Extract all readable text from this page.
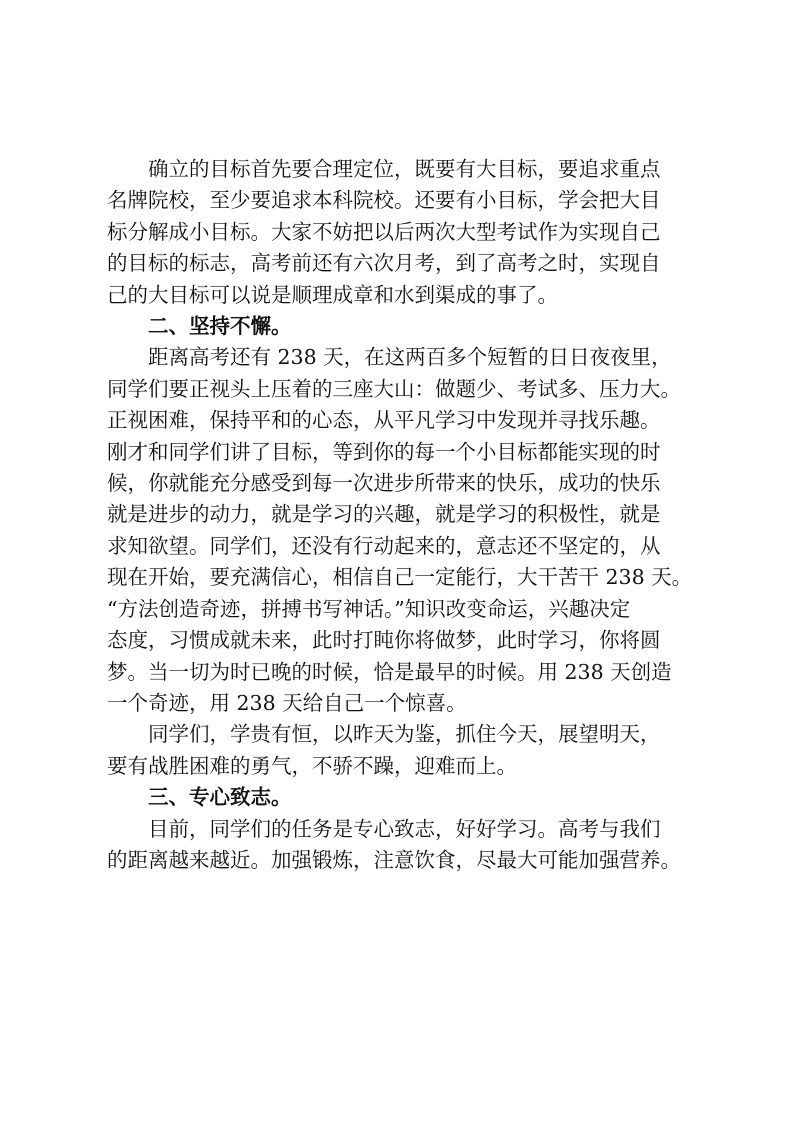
确立的目标首先要合理定位，既要有大目标，要追求重点
名牌院校，至少要追求本科院校。还要有小目标，学会把大目
标分解成小目标。大家不妨把以后两次大型考试作为实现自己
的目标的标志，高考前还有六次月考，到了高考之时，实现自
己的大目标可以说是顺理成章和水到渠成的事了。

二、坚持不懈。

距离高考还有 238 天，在这两百多个短暂的日日夜夜里，
同学们要正视头上压着的三座大山：做题少、考试多、压力大。
正视困难，保持平和的心态，从平凡学习中发现并寻找乐趣。
刚才和同学们讲了目标，等到你的每一个小目标都能实现的时
候，你就能充分感受到每一次进步所带来的快乐，成功的快乐
就是进步的动力，就是学习的兴趣，就是学习的积极性，就是
求知欲望。同学们，还没有行动起来的，意志还不坚定的，从
现在开始，要充满信心，相信自己一定能行，大干苦干 238 天。
“方法创造奇迹，拼搏书写神话。”知识改变命运，兴趣决定
态度，习惯成就未来，此时打盹你将做梦，此时学习，你将圆
梦。当一切为时已晚的时候，恰是最早的时候。用 238 天创造
一个奇迹，用 238 天给自己一个惊喜。

同学们，学贵有恒，以昨天为鉴，抓住今天，展望明天，
要有战胜困难的勇气，不骄不躁，迎难而上。

三、专心致志。

目前，同学们的任务是专心致志，好好学习。高考与我们
的距离越来越近。加强锻炼，注意饮食，尽最大可能加强营养。
